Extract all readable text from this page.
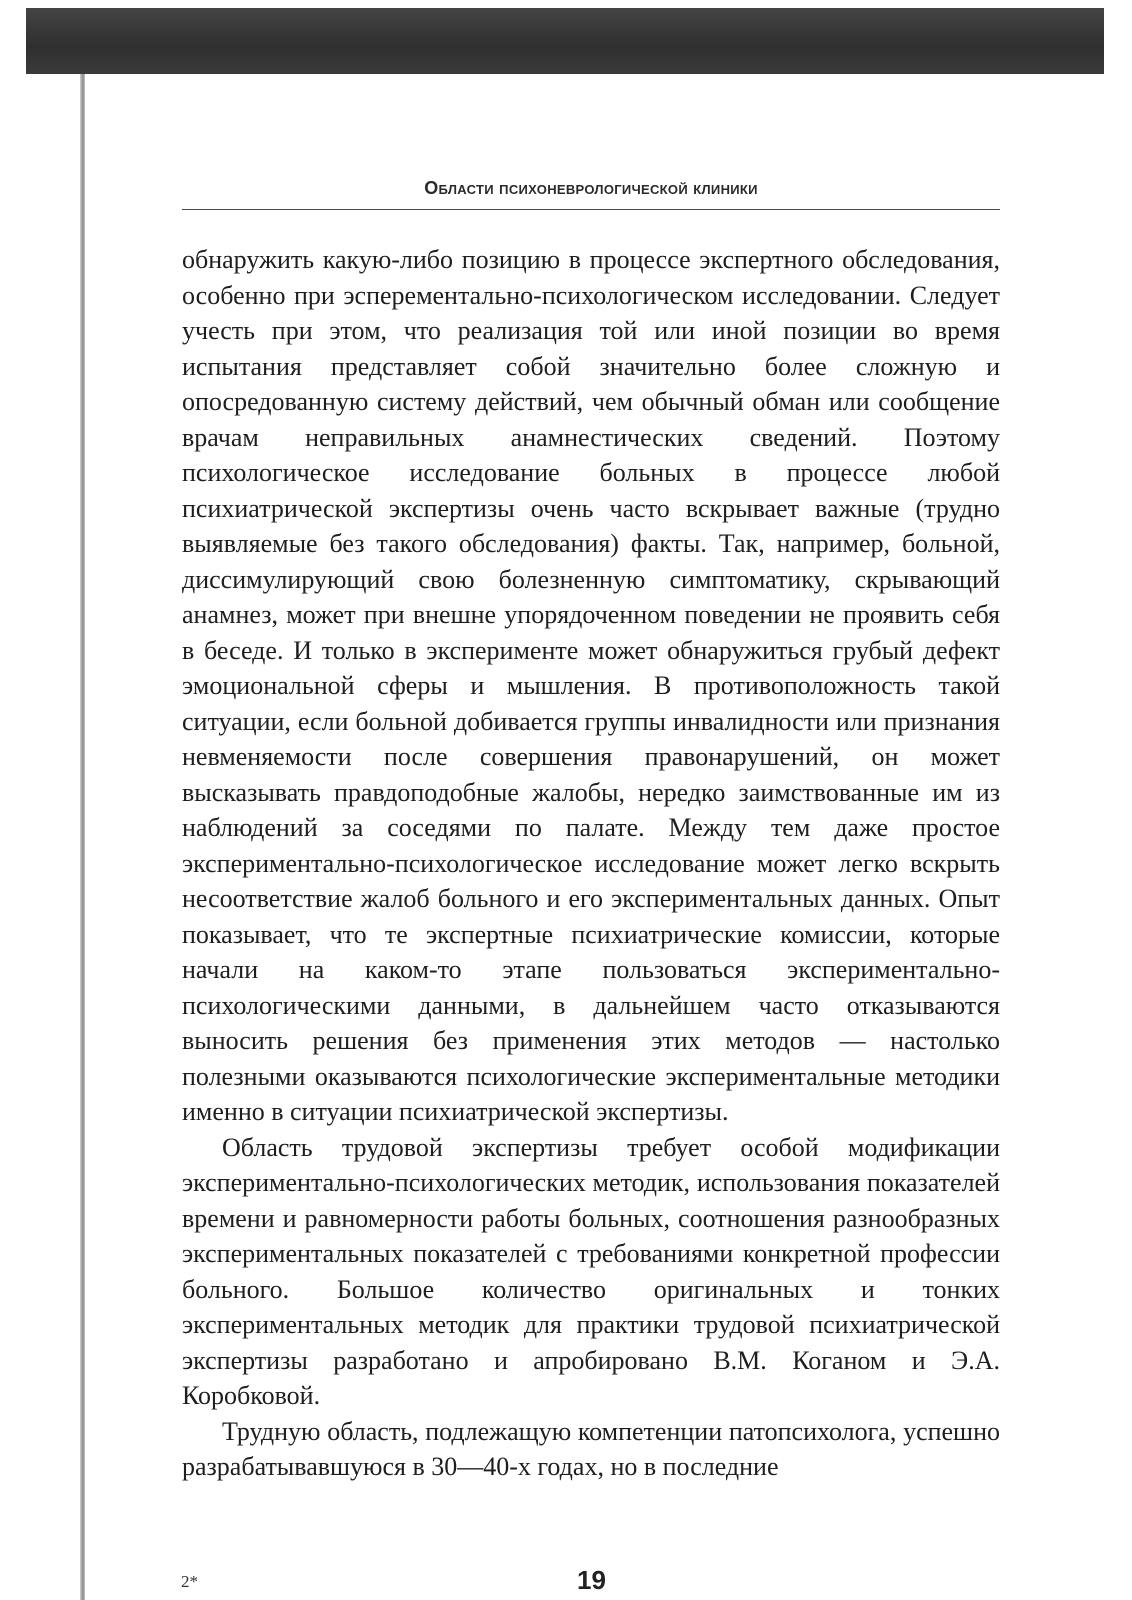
Области психоневрологической клиники

обнаружить какую-либо позицию в процессе экспертного обследования, особенно при эсперементально-психологическом исследовании. Следует учесть при этом, что реализация той или иной позиции во время испытания представляет собой значительно более сложную и опосредованную систему действий, чем обычный обман или сообщение врачам неправильных анамнестических сведений. Поэтому психологическое исследование больных в процессе любой психиатрической экспертизы очень часто вскрывает важные (трудно выявляемые без такого обследования) факты. Так, например, больной, диссимулирующий свою болезненную симптоматику, скрывающий анамнез, может при внешне упорядоченном поведении не проявить себя в беседе. И только в эксперименте может обнаружиться грубый дефект эмоциональной сферы и мышления. В противоположность такой ситуации, если больной добивается группы инвалидности или признания невменяемости после совершения правонарушений, он может высказывать правдоподобные жалобы, нередко заимствованные им из наблюдений за соседями по палате. Между тем даже простое экспериментально-психологическое исследование может легко вскрыть несоответствие жалоб больного и его экспериментальных данных. Опыт показывает, что те экспертные психиатрические комиссии, которые начали на каком-то этапе пользоваться экспериментально-психологическими данными, в дальнейшем часто отказываются выносить решения без применения этих методов — настолько полезными оказываются психологические экспериментальные методики именно в ситуации психиатрической экспертизы.

Область трудовой экспертизы требует особой модификации экспериментально-психологических методик, использования показателей времени и равномерности работы больных, соотношения разнообразных экспериментальных показателей с требованиями конкретной профессии больного. Большое количество оригинальных и тонких экспериментальных методик для практики трудовой психиатрической экспертизы разработано и апробировано В.М. Коганом и Э.А. Коробковой.

Трудную область, подлежащую компетенции патопсихолога, успешно разрабатывавшуюся в 30—40-х годах, но в последние

2*	19
